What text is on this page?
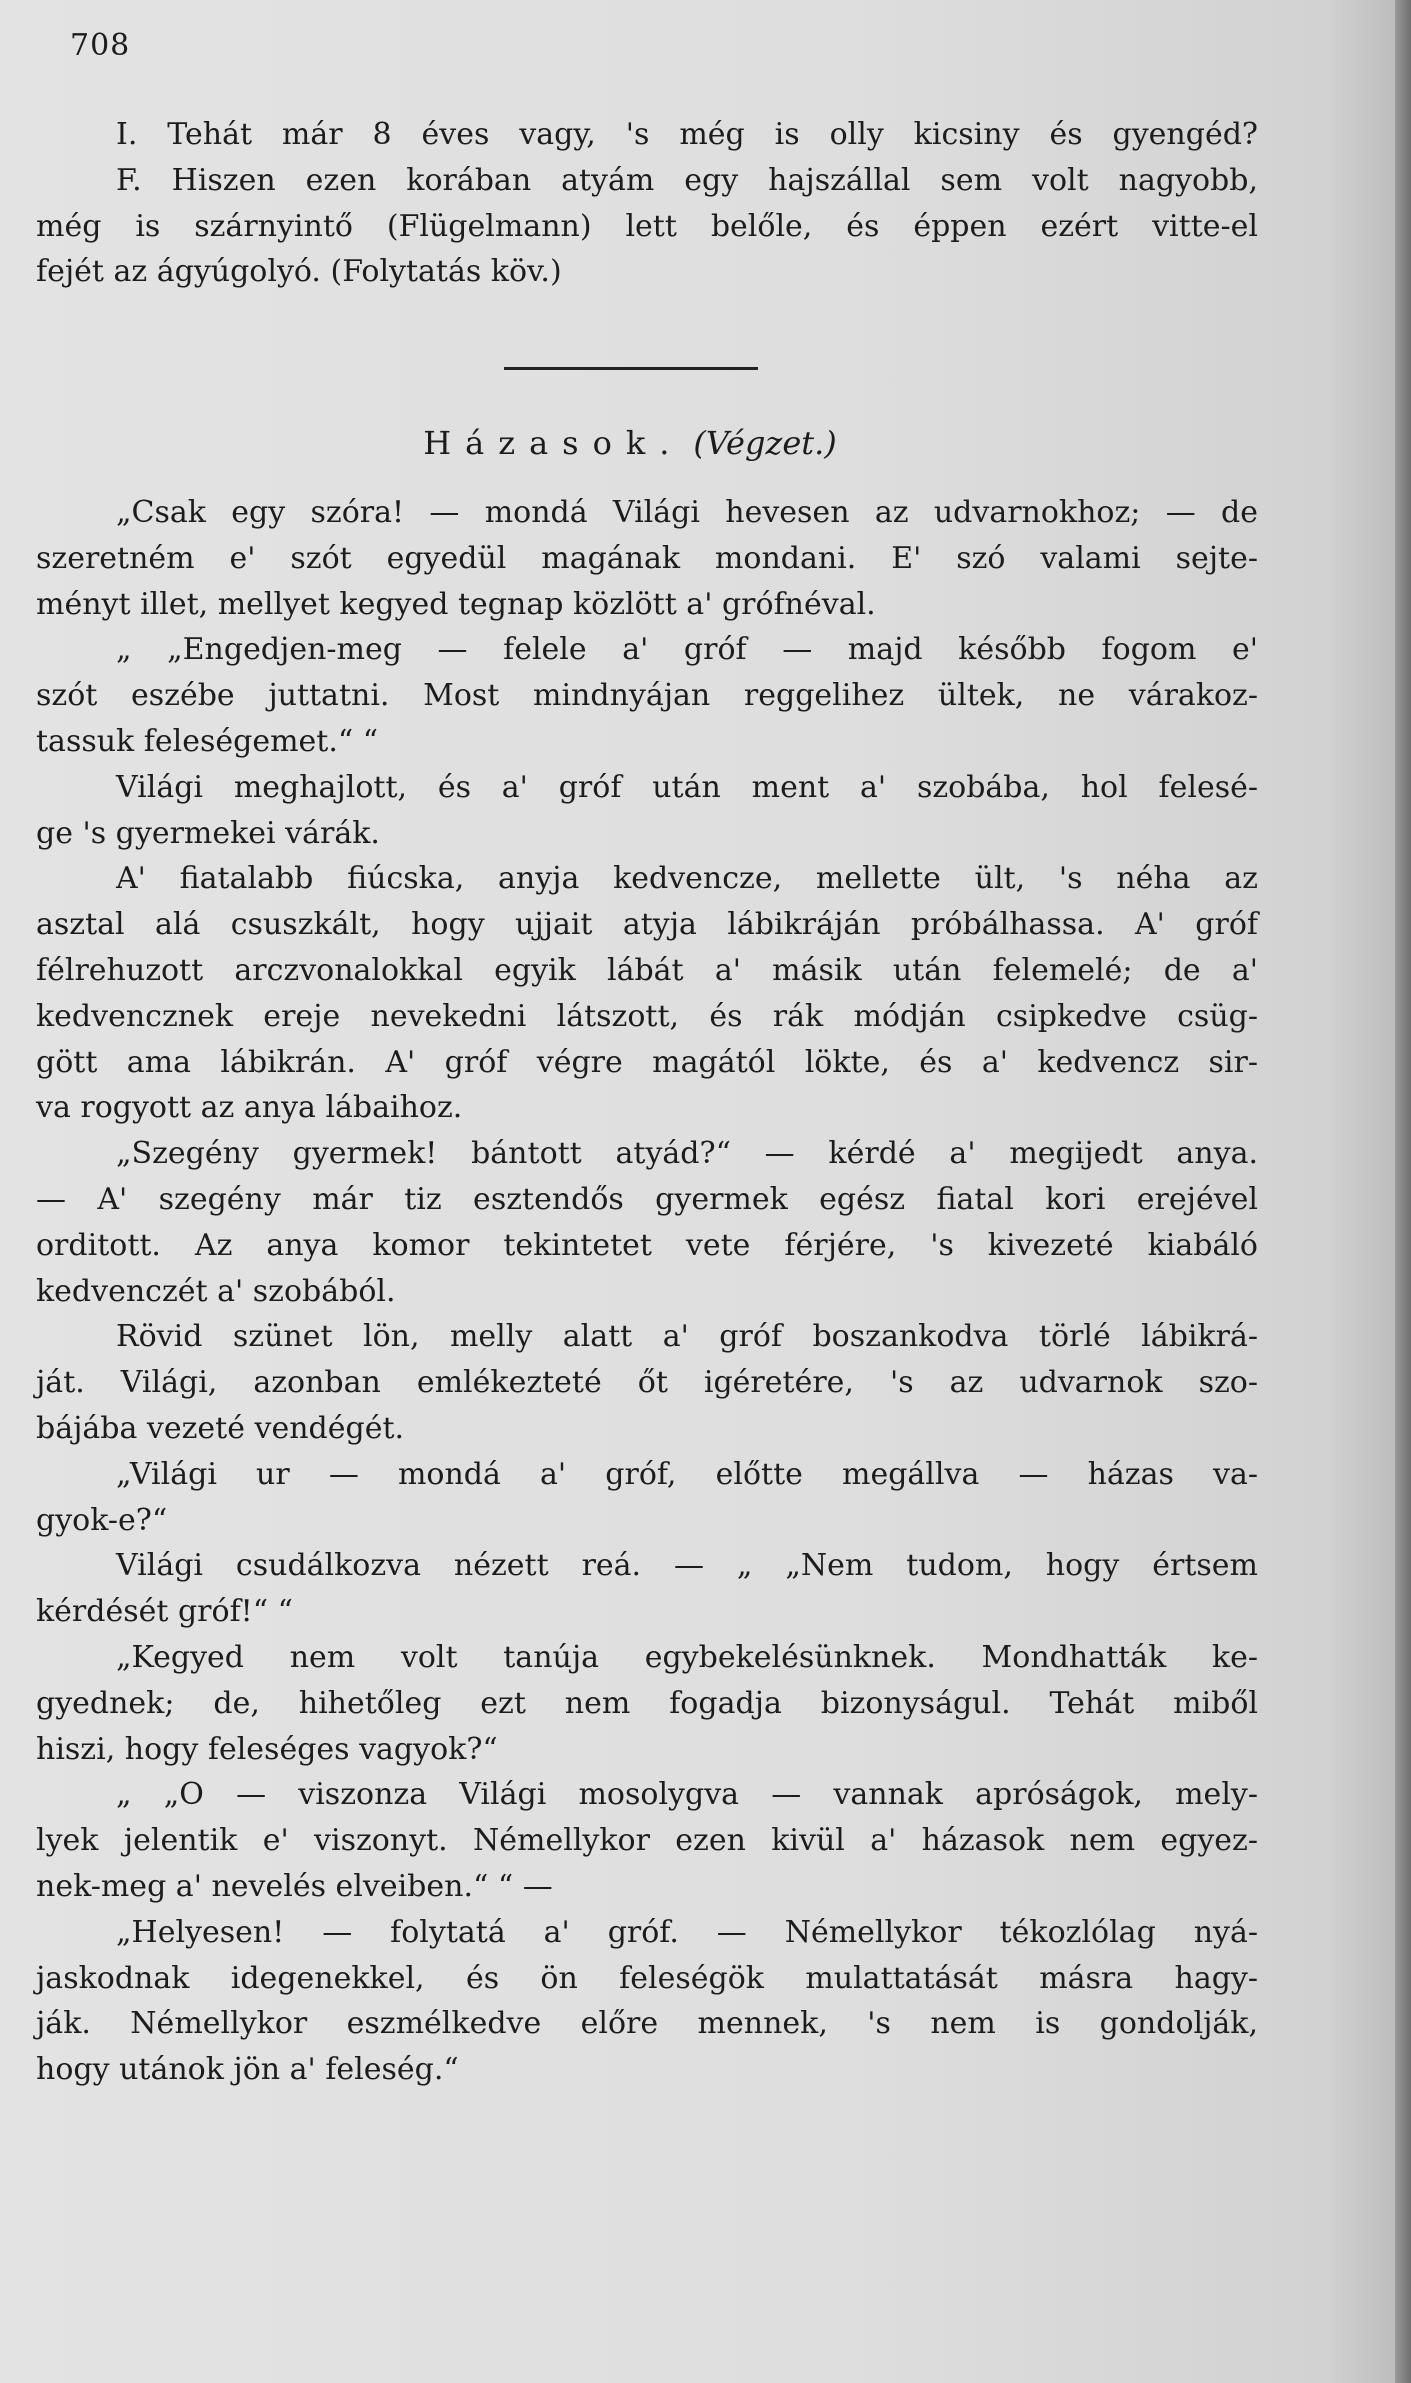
708
I. Tehát már 8 éves vagy, 's még is olly kicsiny és gyengéd?
F. Hiszen ezen korában atyám egy hajszállal sem volt nagyobb,
még is szárnyintő (Flügelmann) lett belőle, és éppen ezért vitte-el
fejét az ágyúgolyó. (Folytatás köv.)
Házasok. (Végzet.)
„Csak egy szóra! — mondá Világi hevesen az udvarnokhoz; — de
szeretném e' szót egyedül magának mondani. E' szó valami sejte-
ményt illet, mellyet kegyed tegnap közlött a' grófnéval.
„ „Engedjen-meg — felele a' gróf — majd később fogom e'
szót eszébe juttatni. Most mindnyájan reggelihez ültek, ne várakoz-
tassuk feleségemet.“ “
Világi meghajlott, és a' gróf után ment a' szobába, hol felesé-
ge 's gyermekei várák.
A' fiatalabb fiúcska, anyja kedvencze, mellette ült, 's néha az
asztal alá csuszkált, hogy ujjait atyja lábikráján próbálhassa. A' gróf
félrehuzott arczvonalokkal egyik lábát a' másik után felemelé; de a'
kedvencznek ereje nevekedni látszott, és rák módján csipkedve csüg-
gött ama lábikrán. A' gróf végre magától lökte, és a' kedvencz sir-
va rogyott az anya lábaihoz.
„Szegény gyermek! bántott atyád?“ — kérdé a' megijedt anya.
— A' szegény már tiz esztendős gyermek egész fiatal kori erejével
orditott. Az anya komor tekintetet vete férjére, 's kivezeté kiabáló
kedvenczét a' szobából.
Rövid szünet lön, melly alatt a' gróf boszankodva törlé lábikrá-
ját. Világi, azonban emlékezteté őt igéretére, 's az udvarnok szo-
bájába vezeté vendégét.
„Világi ur — mondá a' gróf, előtte megállva — házas va-
gyok-e?“
Világi csudálkozva nézett reá. — „ „Nem tudom, hogy értsem
kérdését gróf!“ “
„Kegyed nem volt tanúja egybekelésünknek. Mondhatták ke-
gyednek; de, hihetőleg ezt nem fogadja bizonyságul. Tehát miből
hiszi, hogy feleséges vagyok?“
„ „O — viszonza Világi mosolygva — vannak apróságok, mely-
lyek jelentik e' viszonyt. Némellykor ezen kivül a' házasok nem egyez-
nek-meg a' nevelés elveiben.“ “ —
„Helyesen! — folytatá a' gróf. — Némellykor tékozlólag nyá-
jaskodnak idegenekkel, és ön feleségök mulattatását másra hagy-
ják. Némellykor eszmélkedve előre mennek, 's nem is gondolják,
hogy utánok jön a' feleség.“
